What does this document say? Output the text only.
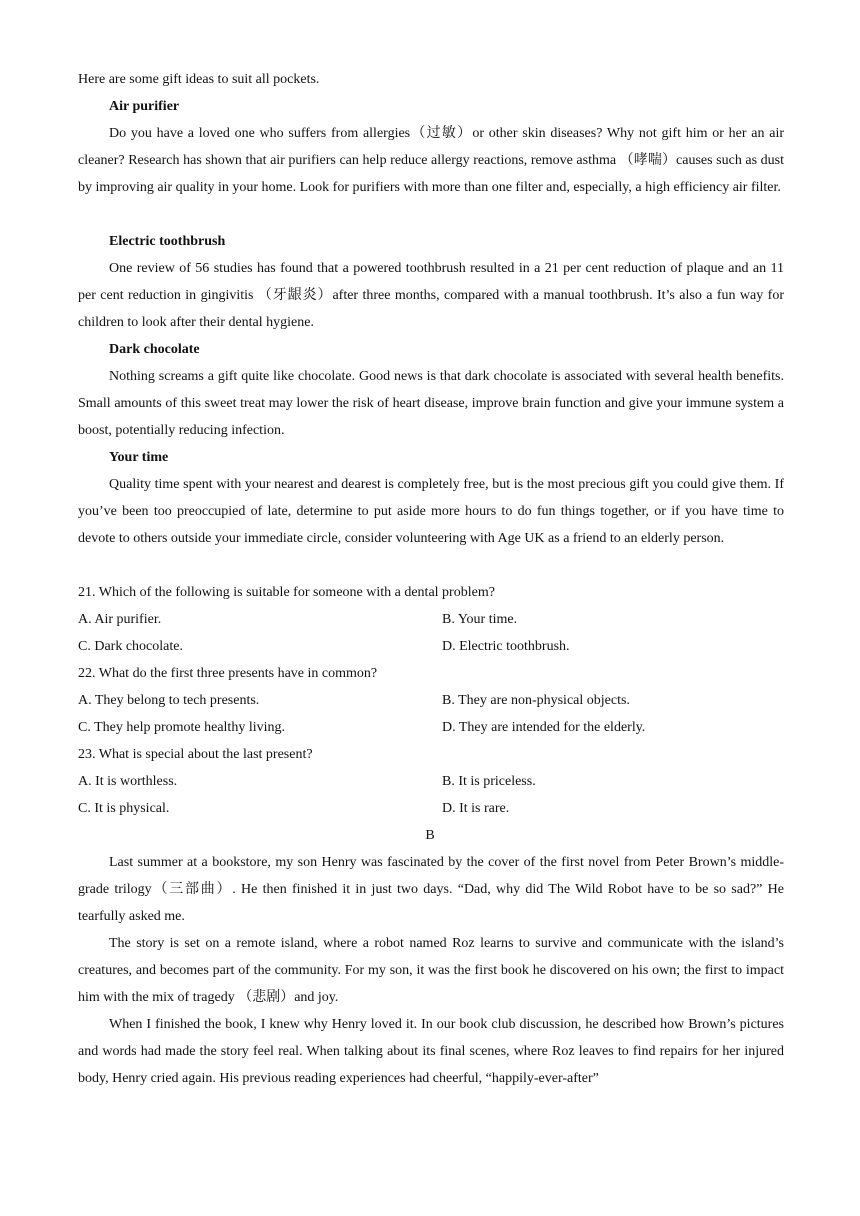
Here are some gift ideas to suit all pockets.

Air purifier

Do you have a loved one who suffers from allergies（过敏）or other skin diseases? Why not gift him or her an air cleaner? Research has shown that air purifiers can help reduce allergy reactions, remove asthma （哮喘）causes such as dust by improving air quality in your home. Look for purifiers with more than one filter and, especially, a high efficiency air filter.

Electric toothbrush

One review of 56 studies has found that a powered toothbrush resulted in a 21 per cent reduction of plaque and an 11 per cent reduction in gingivitis （牙龈炎）after three months, compared with a manual toothbrush. It’s also a fun way for children to look after their dental hygiene.

Dark chocolate

Nothing screams a gift quite like chocolate. Good news is that dark chocolate is associated with several health benefits. Small amounts of this sweet treat may lower the risk of heart disease, improve brain function and give your immune system a boost, potentially reducing infection.

Your time

Quality time spent with your nearest and dearest is completely free, but is the most precious gift you could give them. If you’ve been too preoccupied of late, determine to put aside more hours to do fun things together, or if you have time to devote to others outside your immediate circle, consider volunteering with Age UK as a friend to an elderly person.

21. Which of the following is suitable for someone with a dental problem?

A. Air purifier.	B. Your time.

C. Dark chocolate.	D. Electric toothbrush.

22. What do the first three presents have in common?

A. They belong to tech presents.	B. They are non-physical objects.

C. They help promote healthy living.	D. They are intended for the elderly.

23. What is special about the last present?

A. It is worthless.	B. It is priceless.

C. It is physical.	D. It is rare.

B

Last summer at a bookstore, my son Henry was fascinated by the cover of the first novel from Peter Brown’s middle-grade trilogy（三部曲）. He then finished it in just two days. “Dad, why did The Wild Robot have to be so sad?” He tearfully asked me.

The story is set on a remote island, where a robot named Roz learns to survive and communicate with the island’s creatures, and becomes part of the community. For my son, it was the first book he discovered on his own; the first to impact him with the mix of tragedy （悲剧）and joy.

When I finished the book, I knew why Henry loved it. In our book club discussion, he described how Brown’s pictures and words had made the story feel real. When talking about its final scenes, where Roz leaves to find repairs for her injured body, Henry cried again. His previous reading experiences had cheerful, “happily-ever-after”
